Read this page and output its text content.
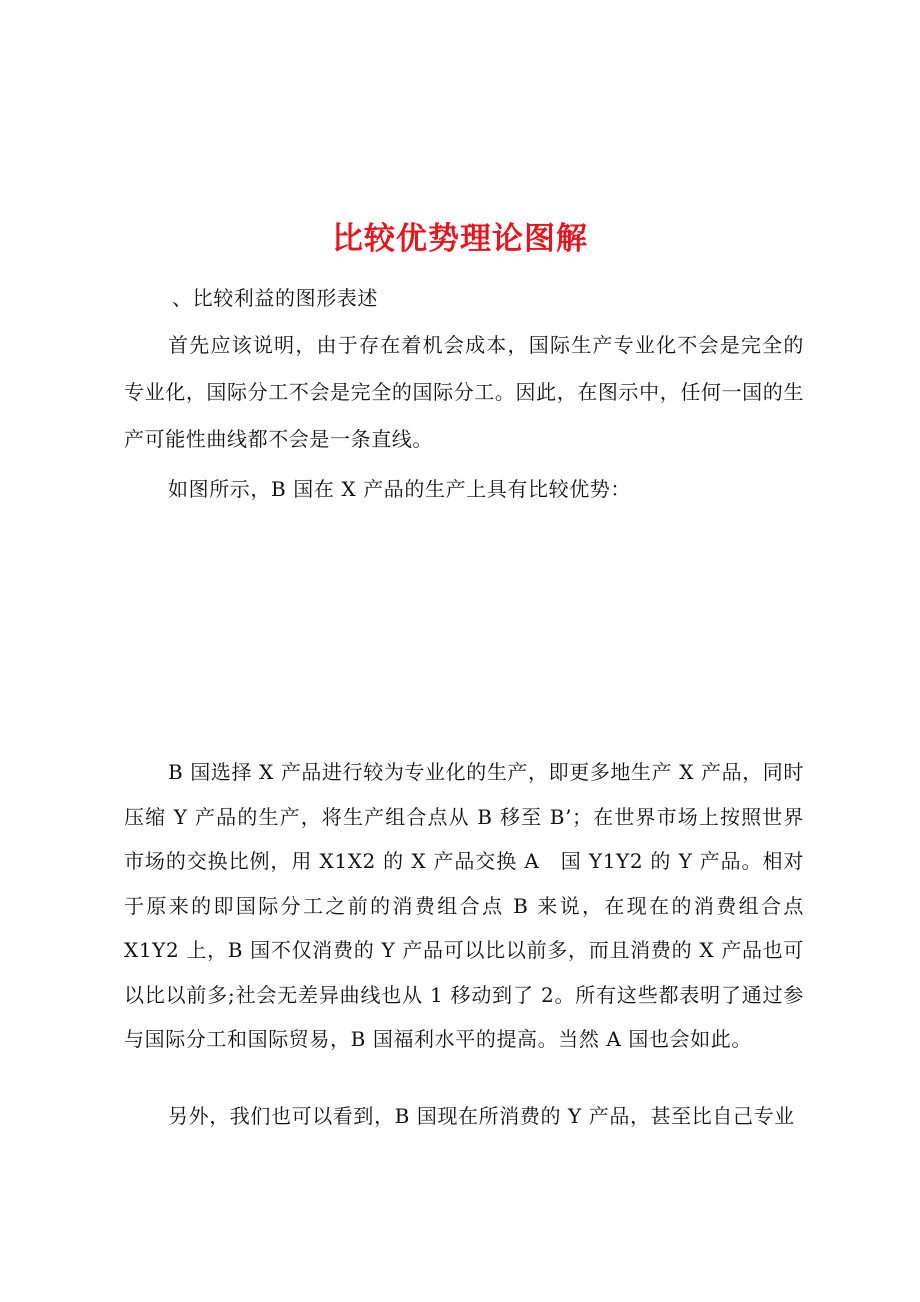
比较优势理论图解

、比较利益的图形表述

首先应该说明，由于存在着机会成本，国际生产专业化不会是完全的专业化，国际分工不会是完全的国际分工。因此，在图示中，任何一国的生产可能性曲线都不会是一条直线。

如图所示，B 国在 X 产品的生产上具有比较优势：

B 国选择 X 产品进行较为专业化的生产，即更多地生产 X 产品，同时压缩 Y 产品的生产，将生产组合点从 B 移至 B’；在世界市场上按照世界市场的交换比例，用 X1X2 的 X 产品交换 A　国 Y1Y2 的 Y 产品。相对于原来的即国际分工之前的消费组合点 B 来说，在现在的消费组合点 X1Y2 上，B 国不仅消费的 Y 产品可以比以前多，而且消费的 X 产品也可以比以前多;社会无差异曲线也从 1 移动到了 2。所有这些都表明了通过参与国际分工和国际贸易，B 国福利水平的提高。当然 A 国也会如此。

另外，我们也可以看到，B 国现在所消费的 Y 产品，甚至比自己专业
